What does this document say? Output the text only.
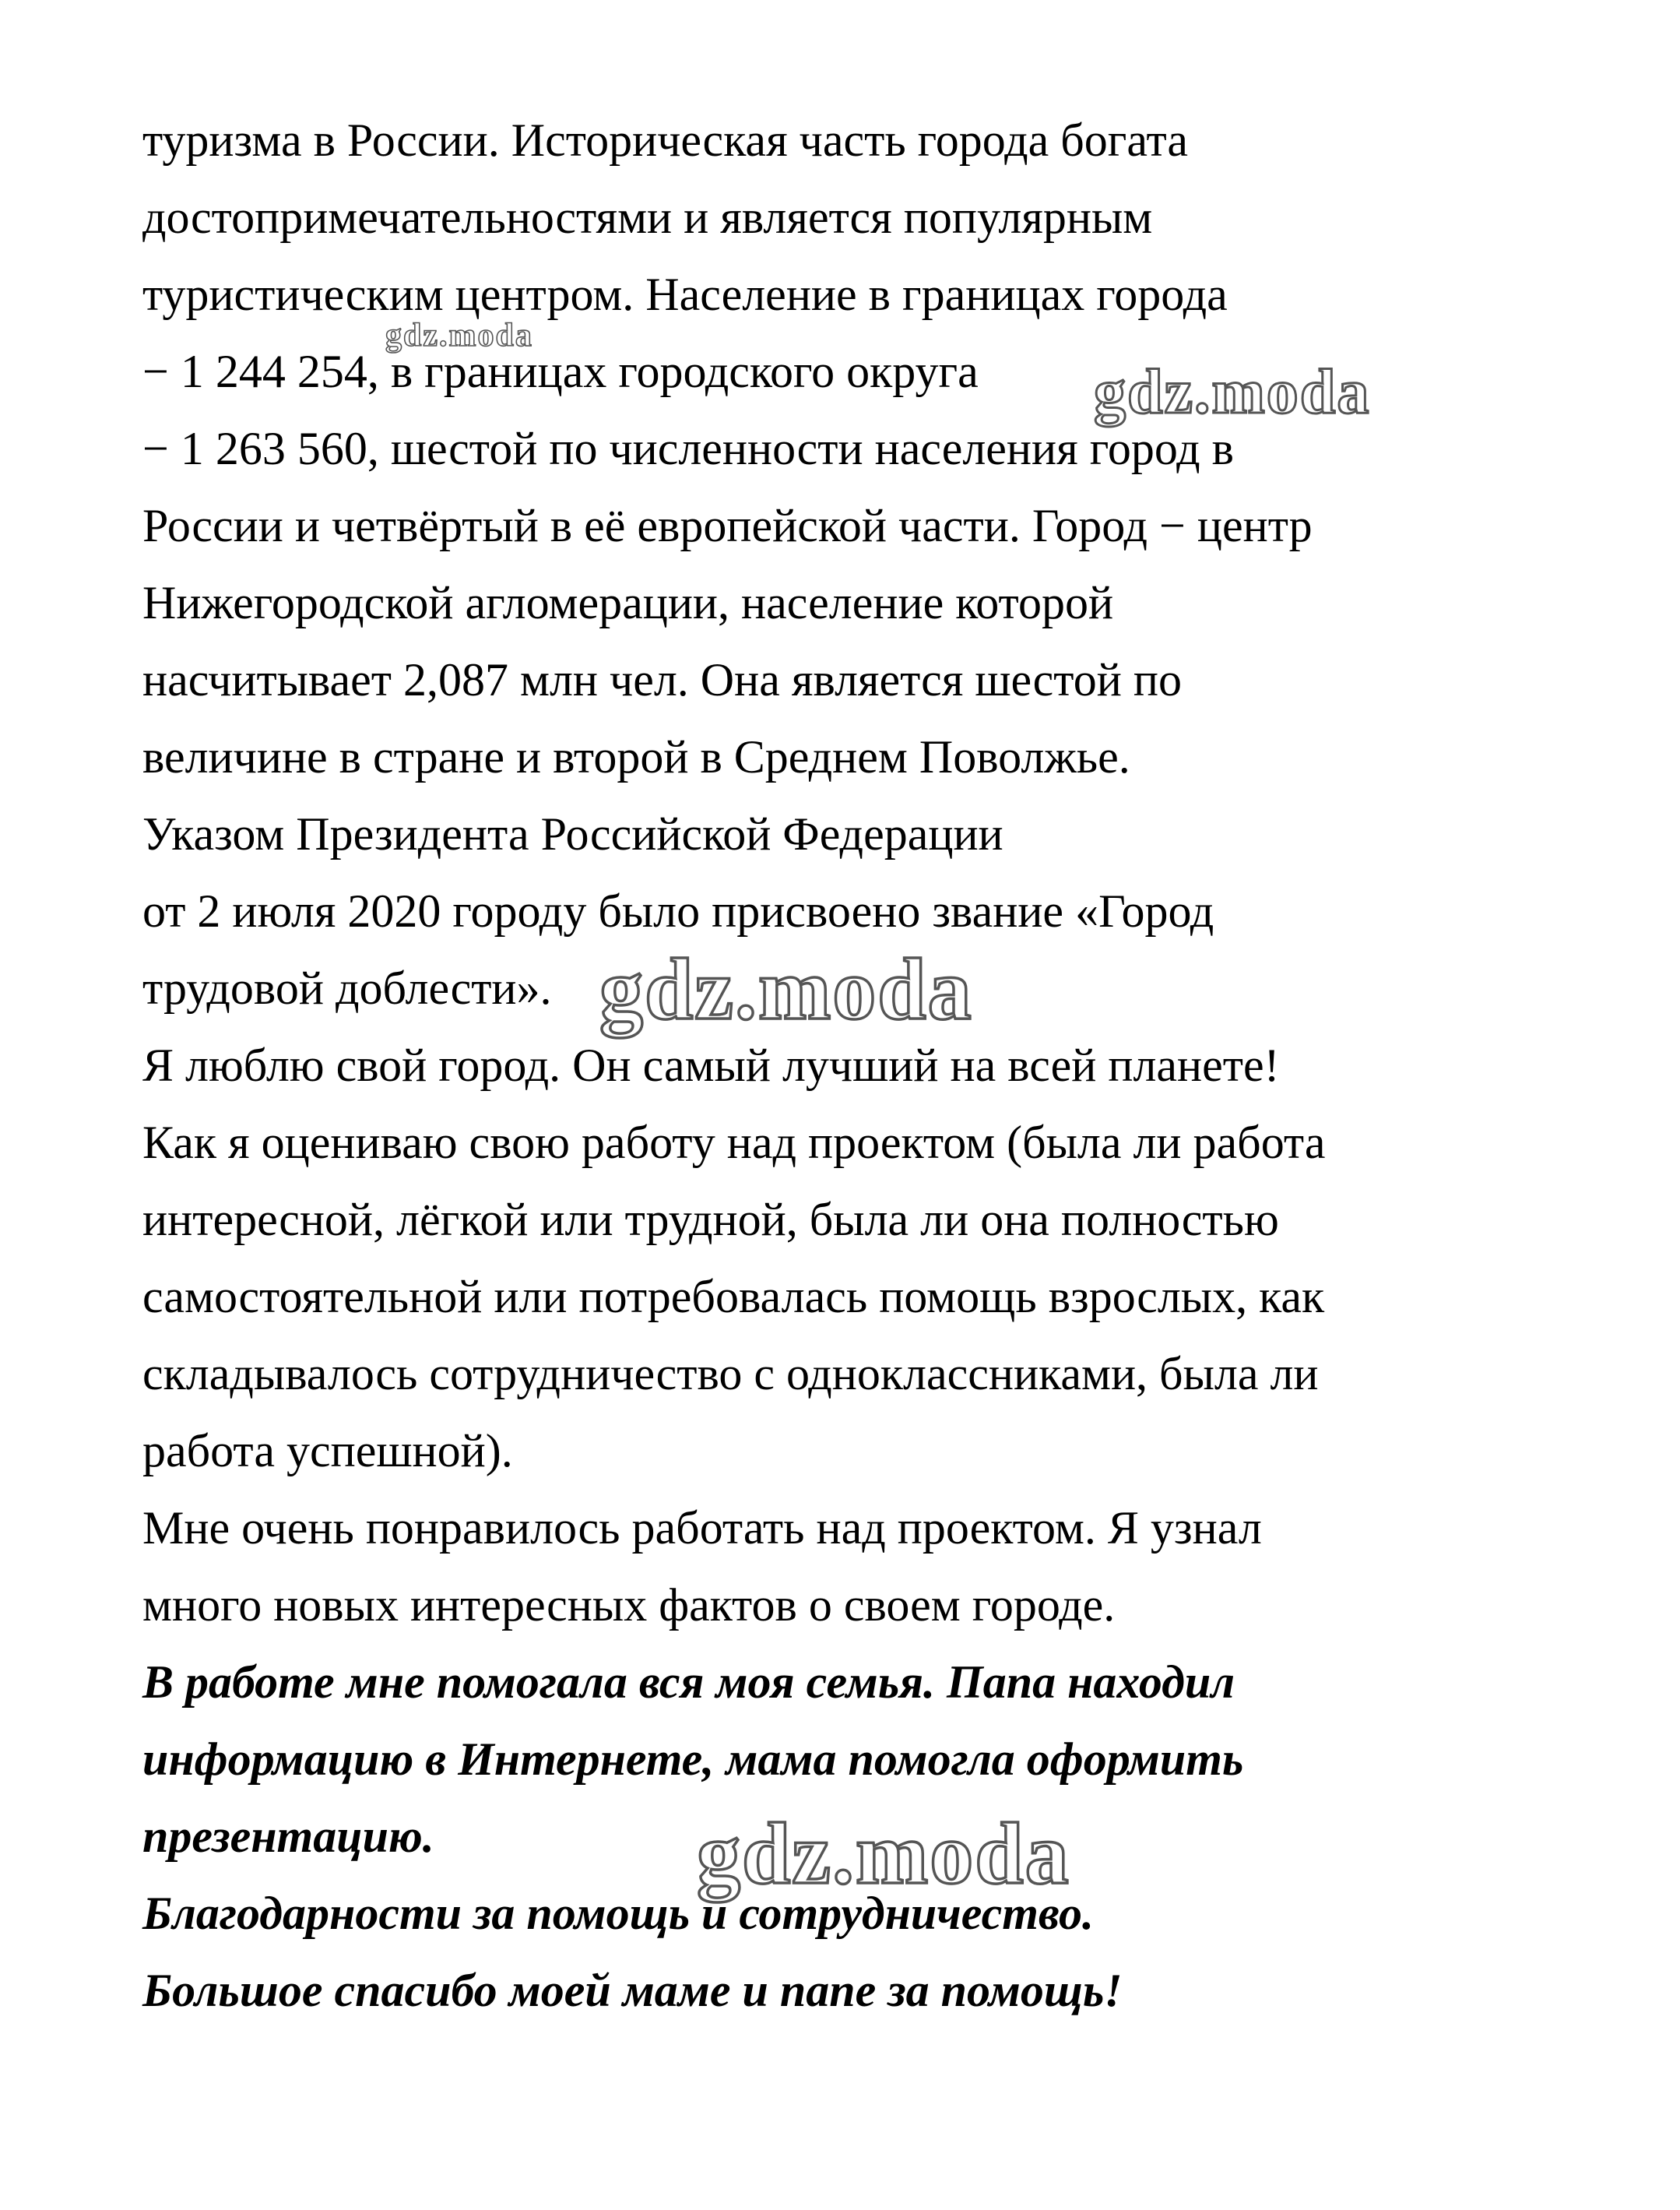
туризма в России. Историческая часть города богата
достопримечательностями и является популярным
туристическим центром. Население в границах города
− 1 244 254, в границах городского округа
− 1 263 560, шестой по численности населения город в
России и четвёртый в её европейской части. Город − центр
Нижегородской агломерации, население которой
насчитывает 2,087 млн чел. Она является шестой по
величине в стране и второй в Среднем Поволжье.
Указом Президента Российской Федерации
от 2 июля 2020 городу было присвоено звание «Город
трудовой доблести».
Я люблю свой город. Он самый лучший на всей планете!
Как я оцениваю свою работу над проектом (была ли работа
интересной, лёгкой или трудной, была ли она полностью
самостоятельной или потребовалась помощь взрослых, как
складывалось сотрудничество с одноклассниками, была ли
работа успешной).
Мне очень понравилось работать над проектом. Я узнал
много новых интересных фактов о своем городе.
В работе мне помогала вся моя семья. Папа находил
информацию в Интернете, мама помогла оформить
презентацию.
Благодарности за помощь и сотрудничество.
Большое спасибо моей маме и папе за помощь!
gdz.moda
gdz.moda
gdz.moda
gdz.moda
